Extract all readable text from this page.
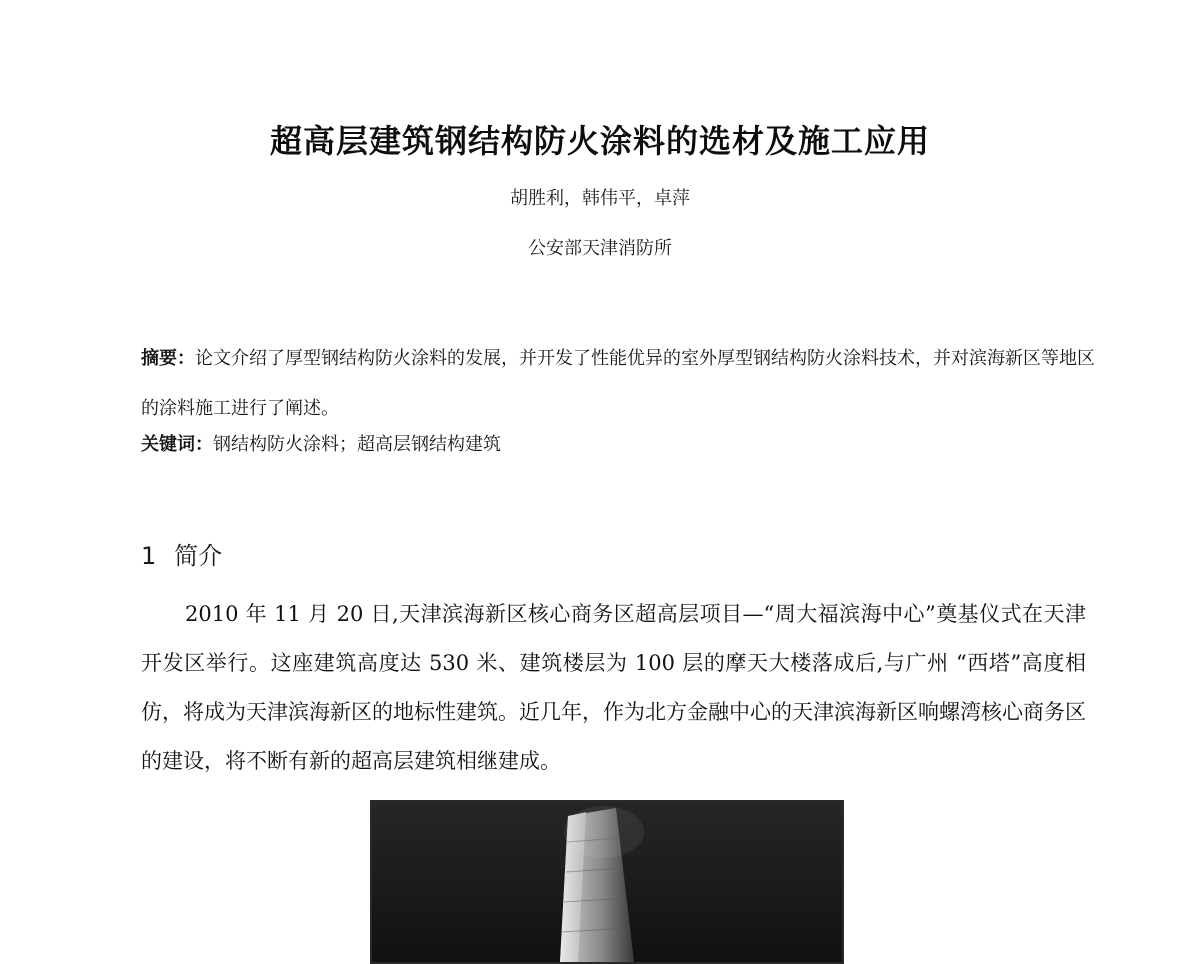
超高层建筑钢结构防火涂料的选材及施工应用
胡胜利，韩伟平，卓萍
公安部天津消防所
摘要：论文介绍了厚型钢结构防火涂料的发展，并开发了性能优异的室外厚型钢结构防火涂料技术，并对滨海新区等地区的涂料施工进行了阐述。
关键词：钢结构防火涂料；超高层钢结构建筑
1 简介
2010 年 11 月 20 日,天津滨海新区核心商务区超高层项目—“周大福滨海中心”奠基仪式在天津开发区举行。这座建筑高度达 530 米、建筑楼层为 100 层的摩天大楼落成后,与广州 “西塔”高度相仿，将成为天津滨海新区的地标性建筑。近几年，作为北方金融中心的天津滨海新区响螺湾核心商务区的建设，将不断有新的超高层建筑相继建成。
